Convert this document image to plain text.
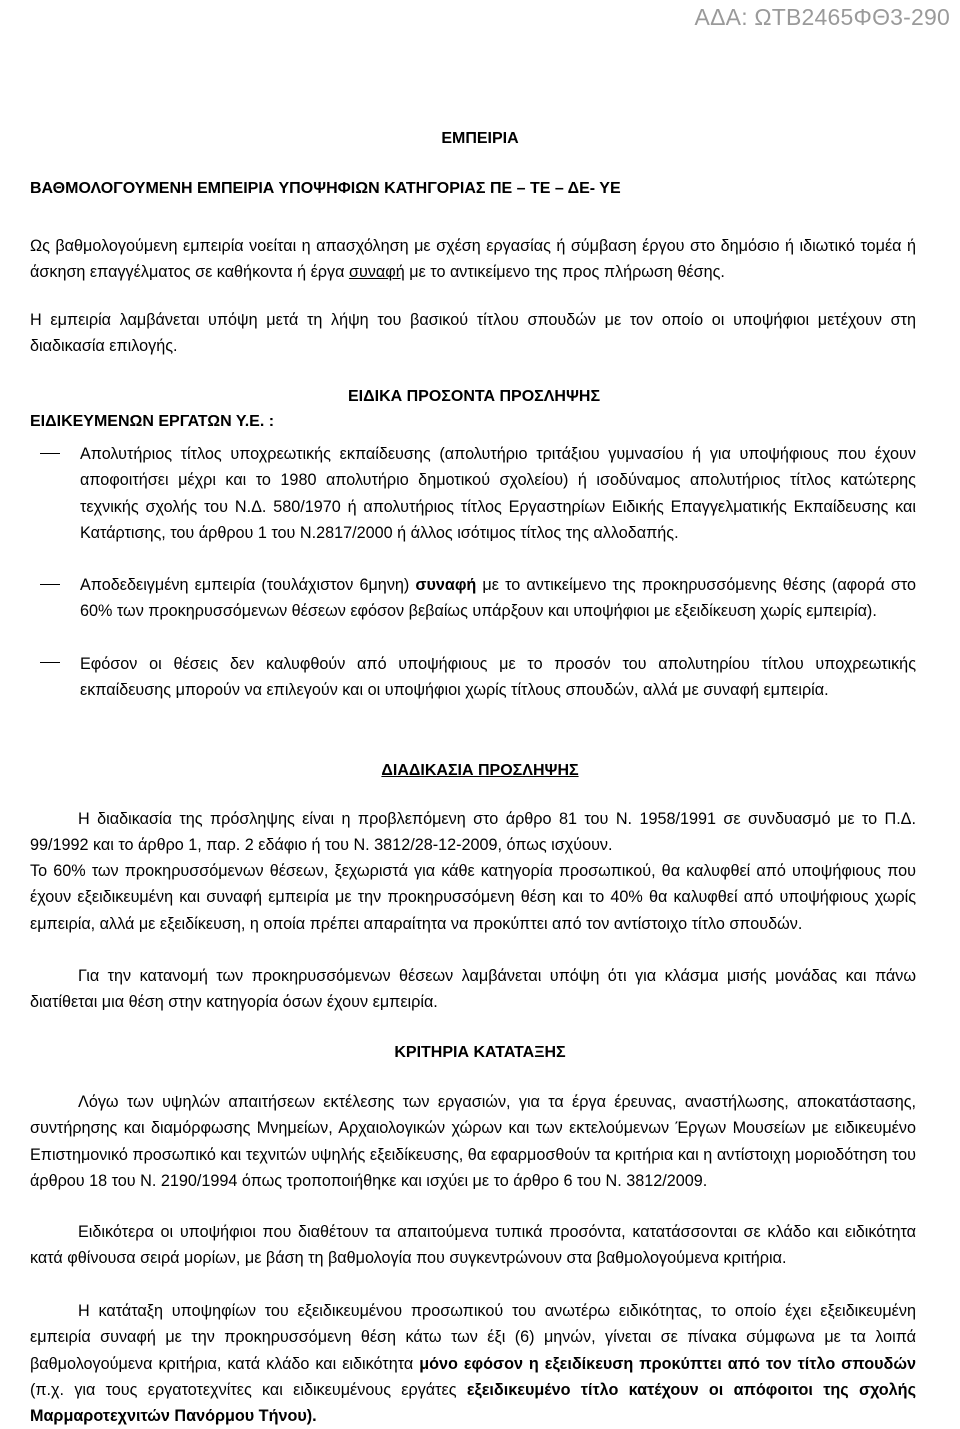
ΑΔΑ: ΩΤΒ2465ΦΘ3-290
ΕΜΠΕΙΡΙΑ
ΒΑΘΜΟΛΟΓΟΥΜΕΝΗ ΕΜΠΕΙΡΙΑ ΥΠΟΨΗΦΙΩΝ ΚΑΤΗΓΟΡΙΑΣ ΠΕ – ΤΕ – ΔΕ- ΥΕ
Ως βαθμολογούμενη εμπειρία νοείται η απασχόληση με σχέση εργασίας ή σύμβαση έργου στο δημόσιο ή ιδιωτικό τομέα ή άσκηση επαγγέλματος σε καθήκοντα ή έργα συναφή με το αντικείμενο της προς πλήρωση θέσης.
Η εμπειρία λαμβάνεται υπόψη μετά τη λήψη του βασικού τίτλου σπουδών με τον οποίο οι υποψήφιοι μετέχουν στη διαδικασία επιλογής.
ΕΙΔΙΚΑ ΠΡΟΣΟΝΤΑ ΠΡΟΣΛΗΨΗΣ
ΕΙΔΙΚΕΥΜΕΝΩΝ ΕΡΓΑΤΩΝ Υ.Ε. :
Απολυτήριος τίτλος υποχρεωτικής εκπαίδευσης (απολυτήριο τριτάξιου γυμνασίου ή για υποψήφιους που έχουν αποφοιτήσει μέχρι και το 1980 απολυτήριο δημοτικού σχολείου) ή ισοδύναμος απολυτήριος τίτλος κατώτερης τεχνικής σχολής του Ν.Δ. 580/1970 ή απολυτήριος τίτλος Εργαστηρίων Ειδικής Επαγγελματικής Εκπαίδευσης και Κατάρτισης, του άρθρου 1 του Ν.2817/2000 ή άλλος ισότιμος τίτλος της αλλοδαπής.
Αποδεδειγμένη εμπειρία (τουλάχιστον 6μηνη) συναφή με το αντικείμενο της προκηρυσσόμενης θέσης (αφορά στο 60% των προκηρυσσόμενων θέσεων εφόσον βεβαίως υπάρξουν και υποψήφιοι με εξειδίκευση χωρίς εμπειρία).
Εφόσον οι θέσεις δεν καλυφθούν από υποψήφιους με το προσόν του απολυτηρίου τίτλου υποχρεωτικής εκπαίδευσης μπορούν να επιλεγούν και οι υποψήφιοι χωρίς τίτλους σπουδών, αλλά με συναφή εμπειρία.
ΔΙΑΔΙΚΑΣΙΑ ΠΡΟΣΛΗΨΗΣ
Η διαδικασία της πρόσληψης είναι η προβλεπόμενη στο άρθρο 81 του Ν. 1958/1991 σε συνδυασμό με το Π.Δ. 99/1992 και το άρθρο 1, παρ. 2 εδάφιο ή του Ν. 3812/28-12-2009, όπως ισχύουν.
Το 60% των προκηρυσσόμενων θέσεων, ξεχωριστά για κάθε κατηγορία προσωπικού, θα καλυφθεί από υποψήφιους που έχουν εξειδικευμένη και συναφή εμπειρία με την προκηρυσσόμενη θέση και το 40% θα καλυφθεί από υποψήφιους χωρίς εμπειρία, αλλά με εξειδίκευση, η οποία πρέπει απαραίτητα να προκύπτει από τον αντίστοιχο τίτλο σπουδών.
Για την κατανομή των προκηρυσσόμενων θέσεων λαμβάνεται υπόψη ότι για κλάσμα μισής μονάδας και πάνω διατίθεται μια θέση στην κατηγορία όσων έχουν εμπειρία.
ΚΡΙΤΗΡΙΑ ΚΑΤΑΤΑΞΗΣ
Λόγω των υψηλών απαιτήσεων εκτέλεσης των εργασιών, για τα έργα έρευνας, αναστήλωσης, αποκατάστασης, συντήρησης και διαμόρφωσης Μνημείων, Αρχαιολογικών χώρων και των εκτελούμενων Έργων Μουσείων με ειδικευμένο Επιστημονικό προσωπικό και τεχνιτών υψηλής εξειδίκευσης, θα εφαρμοσθούν τα κριτήρια και η αντίστοιχη μοριοδότηση του άρθρου 18 του Ν. 2190/1994 όπως τροποποιήθηκε και ισχύει με το άρθρο 6 του Ν. 3812/2009.
Ειδικότερα οι υποψήφιοι που διαθέτουν τα απαιτούμενα τυπικά προσόντα, κατατάσσονται σε κλάδο και ειδικότητα κατά φθίνουσα σειρά μορίων, με βάση τη βαθμολογία που συγκεντρώνουν στα βαθμολογούμενα κριτήρια.
Η κατάταξη υποψηφίων του εξειδικευμένου προσωπικού του ανωτέρω ειδικότητας, το οποίο έχει εξειδικευμένη εμπειρία συναφή με την προκηρυσσόμενη θέση κάτω των έξι (6) μηνών, γίνεται σε πίνακα σύμφωνα με τα λοιπά βαθμολογούμενα κριτήρια, κατά κλάδο και ειδικότητα μόνο εφόσον η εξειδίκευση προκύπτει από τον τίτλο σπουδών (π.χ. για τους εργατοτεχνίτες και ειδικευμένους εργάτες εξειδικευμένο τίτλο κατέχουν οι απόφοιτοι της σχολής Μαρμαροτεχνιτών Πανόρμου Τήνου).
